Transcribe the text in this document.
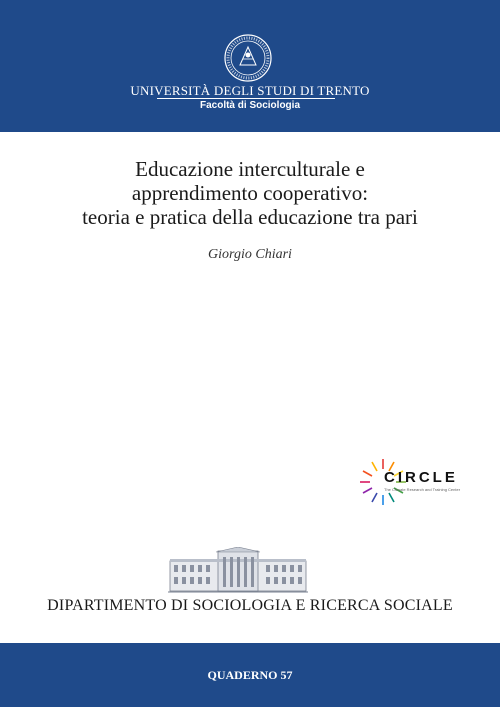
UNIVERSITÀ DEGLI STUDI DI TRENTO
Facoltà di Sociologia
Educazione interculturale e
apprendimento cooperativo:
teoria e pratica della educazione tra pari
Giorgio Chiari
CIRCLE
The Climate Research and Training Center
DIPARTIMENTO DI SOCIOLOGIA E RICERCA SOCIALE
QUADERNO 57
